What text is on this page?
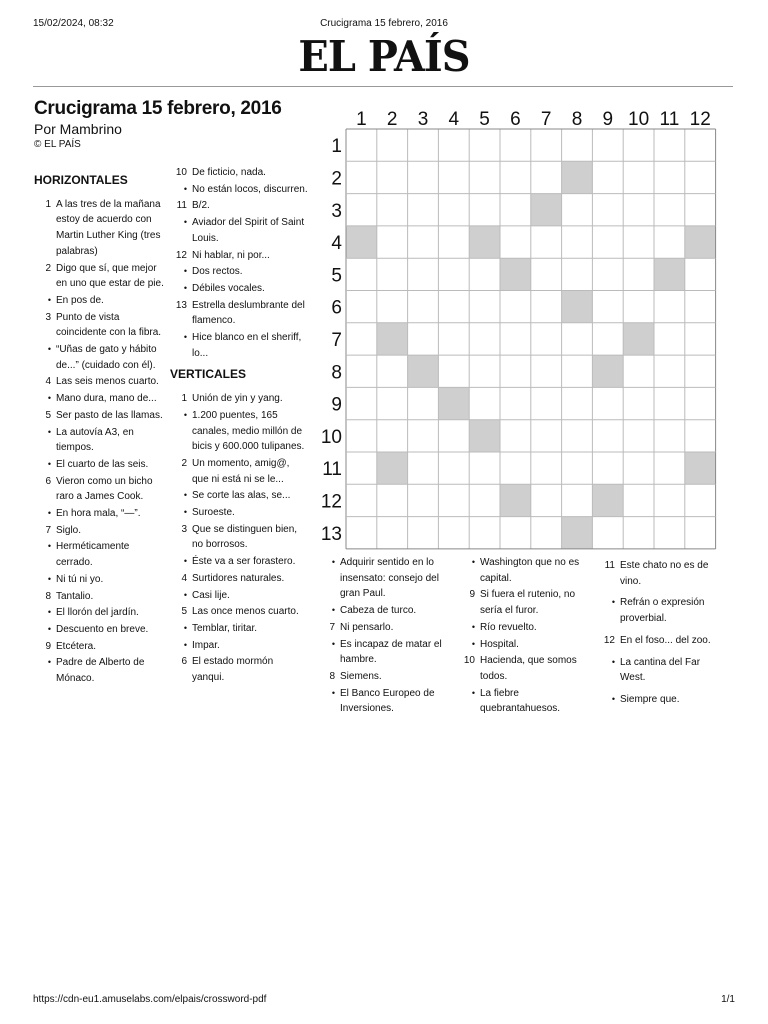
15/02/2024, 08:32	Crucigrama 15 febrero, 2016
EL PAÍS
Crucigrama 15 febrero, 2016
Por Mambrino
© EL PAÍS
HORIZONTALES
1 A las tres de la mañana estoy de acuerdo con Martin Luther King (tres palabras)
2 Digo que sí, que mejor en uno que estar de pie.
• En pos de.
3 Punto de vista coincidente con la fibra.
• “Uñas de gato y hábito de...” (cuidado con él).
4 Las seis menos cuarto.
• Mano dura, mano de...
5 Ser pasto de las llamas.
• La autovía A3, en tiempos.
• El cuarto de las seis.
6 Vieron como un bicho raro a James Cook.
• En hora mala, “—”.
7 Siglo.
• Herméticamente cerrado.
• Ni tú ni yo.
8 Tantalio.
• El llorón del jardín.
• Descuento en breve.
9 Etcétera.
• Padre de Alberto de Mónaco.
10 De ficticio, nada.
• No están locos, discurren.
11 B/2.
• Aviador del Spirit of Saint Louis.
12 Ni hablar, ni por...
• Dos rectos.
• Débiles vocales.
13 Estrella deslumbrante del flamenco.
• Hice blanco en el sheriff, lo...
VERTICALES
1 Unión de yin y yang.
• 1.200 puentes, 165 canales, medio millón de bicis y 600.000 tulipanes.
2 Un momento, amig@, que ni está ni se le...
• Se corte las alas, se...
• Suroeste.
3 Que se distinguen bien, no borrosos.
• Éste va a ser forastero.
4 Surtidores naturales.
• Casi lije.
5 Las once menos cuarto.
• Temblar, tiritar.
• Impar.
6 El estado mormón yanqui.
• Adquirir sentido en lo insensato: consejo del gran Paul.
• Cabeza de turco.
7 Ni pensarlo.
• Es incapaz de matar el hambre.
8 Siemens.
• El Banco Europeo de Inversiones.
• Washington que no es capital.
9 Si fuera el rutenio, no sería el furor.
• Río revuelto.
• Hospital.
10 Hacienda, que somos todos.
• La fiebre quebrantahuesos.
11 Este chato no es de vino.
• Refrán o expresión proverbial.
12 En el foso... del zoo.
• La cantina del Far West.
• Siempre que.
1 2 3 4 5 6 7 8 9 10 11 12
1
2
3
4
5
6
7
8
9
10
11
12
13
https://cdn-eu1.amuselabs.com/elpais/crossword-pdf	1/1
